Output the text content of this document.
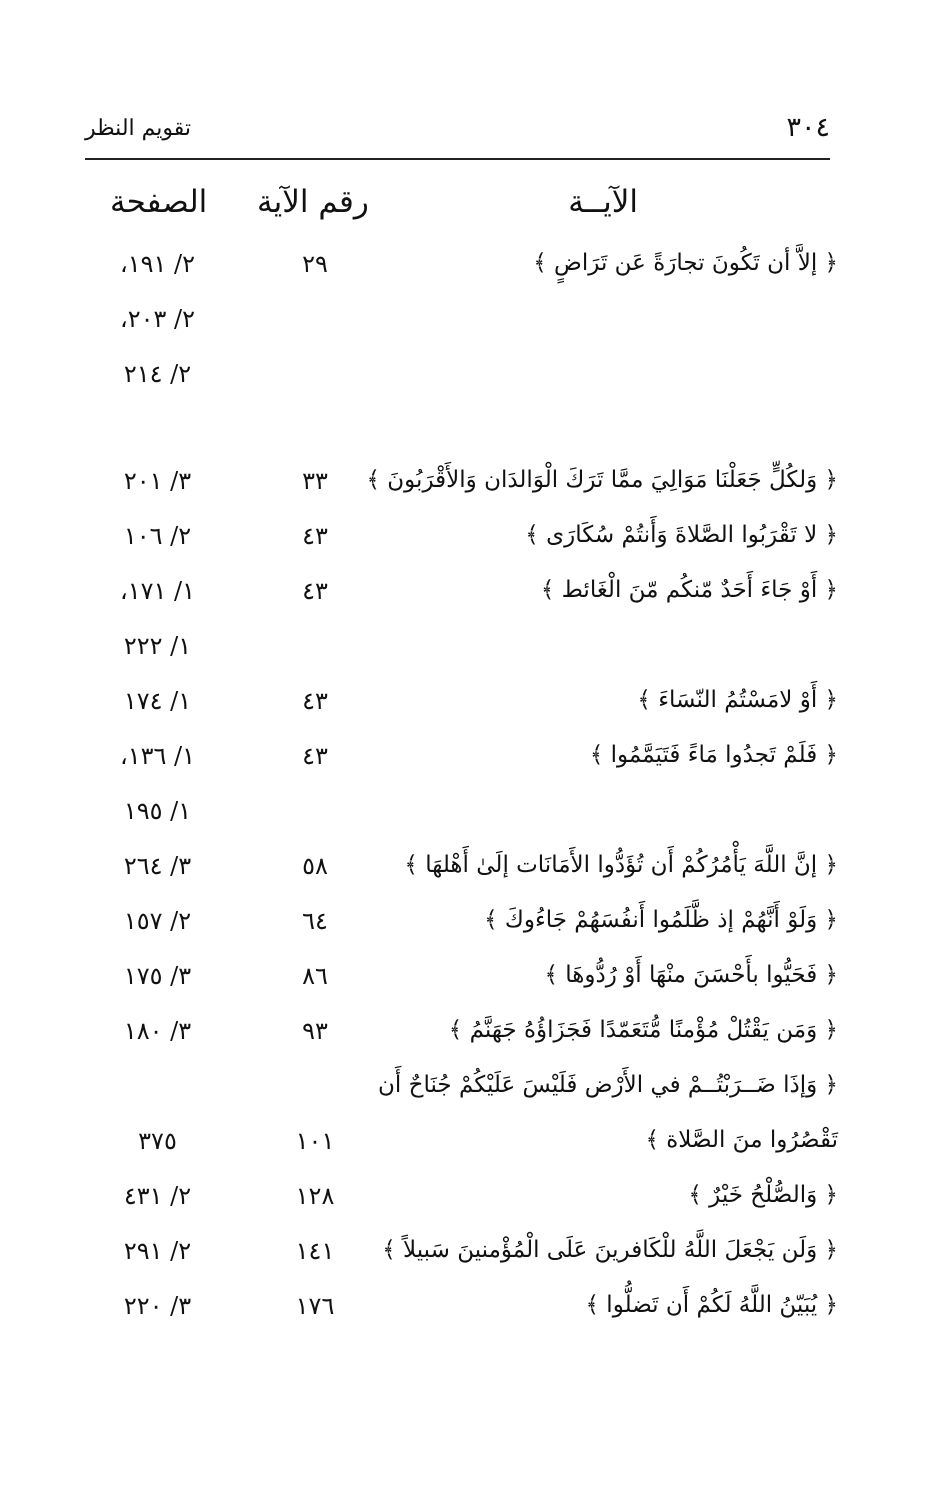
٣٠٤
تقويم النظر
الآيــة
رقم الآية
الصفحة
﴿ إلاَّ أن تَكُونَ تجارَةً عَن تَرَاضٍ ﴾
٢٩
٢/ ١٩١،
٢/ ٢٠٣،
٢/ ٢١٤
﴿ وَلكُلٍّ جَعَلْنَا مَوَالِيَ ممَّا تَرَكَ الْوَالدَان وَالأَقْرَبُونَ ﴾
٣٣
٣/ ٢٠١
﴿ لا تَقْرَبُوا الصَّلاةَ وَأَنتُمْ سُكَارَى ﴾
٤٣
٢/ ١٠٦
﴿ أَوْ جَاءَ أَحَدٌ مّنكُم مّنَ الْغَائط ﴾
٤٣
١/ ١٧١،
١/ ٢٢٢
﴿ أَوْ لامَسْتُمُ النّسَاءَ ﴾
٤٣
١/ ١٧٤
﴿ فَلَمْ تَجدُوا مَاءً فَتَيَمَّمُوا ﴾
٤٣
١/ ١٣٦،
١/ ١٩٥
﴿ إنَّ اللَّهَ يَأْمُرُكُمْ أَن تُؤَدُّوا الأَمَانَات إلَىٰ أَهْلهَا ﴾
٥٨
٣/ ٢٦٤
﴿ وَلَوْ أَنَّهُمْ إذ ظَّلَمُوا أَنفُسَهُمْ جَاءُوكَ ﴾
٦٤
٢/ ١٥٧
﴿ فَحَيُّوا بأَحْسَنَ منْهَا أَوْ رُدُّوهَا ﴾
٨٦
٣/ ١٧٥
﴿ وَمَن يَقْتُلْ مُؤْمنًا مُّتَعَمّدًا فَجَزَاؤُهُ جَهَنَّمُ ﴾
٩٣
٣/ ١٨٠
﴿ وَإذَا ضَــرَبْتُــمْ في الأَرْض فَلَيْسَ عَلَيْكُمْ جُنَاحٌ أَن
تَقْصُرُوا منَ الصَّلاة ﴾
١٠١
٣٧٥
﴿ وَالصُّلْحُ خَيْرٌ ﴾
١٢٨
٢/ ٤٣١
﴿ وَلَن يَجْعَلَ اللَّهُ للْكَافرينَ عَلَى الْمُؤْمنينَ سَبيلاً ﴾
١٤١
٢/ ٢٩١
﴿ يُبَيّنُ اللَّهُ لَكُمْ أَن تَضلُّوا ﴾
١٧٦
٣/ ٢٢٠
